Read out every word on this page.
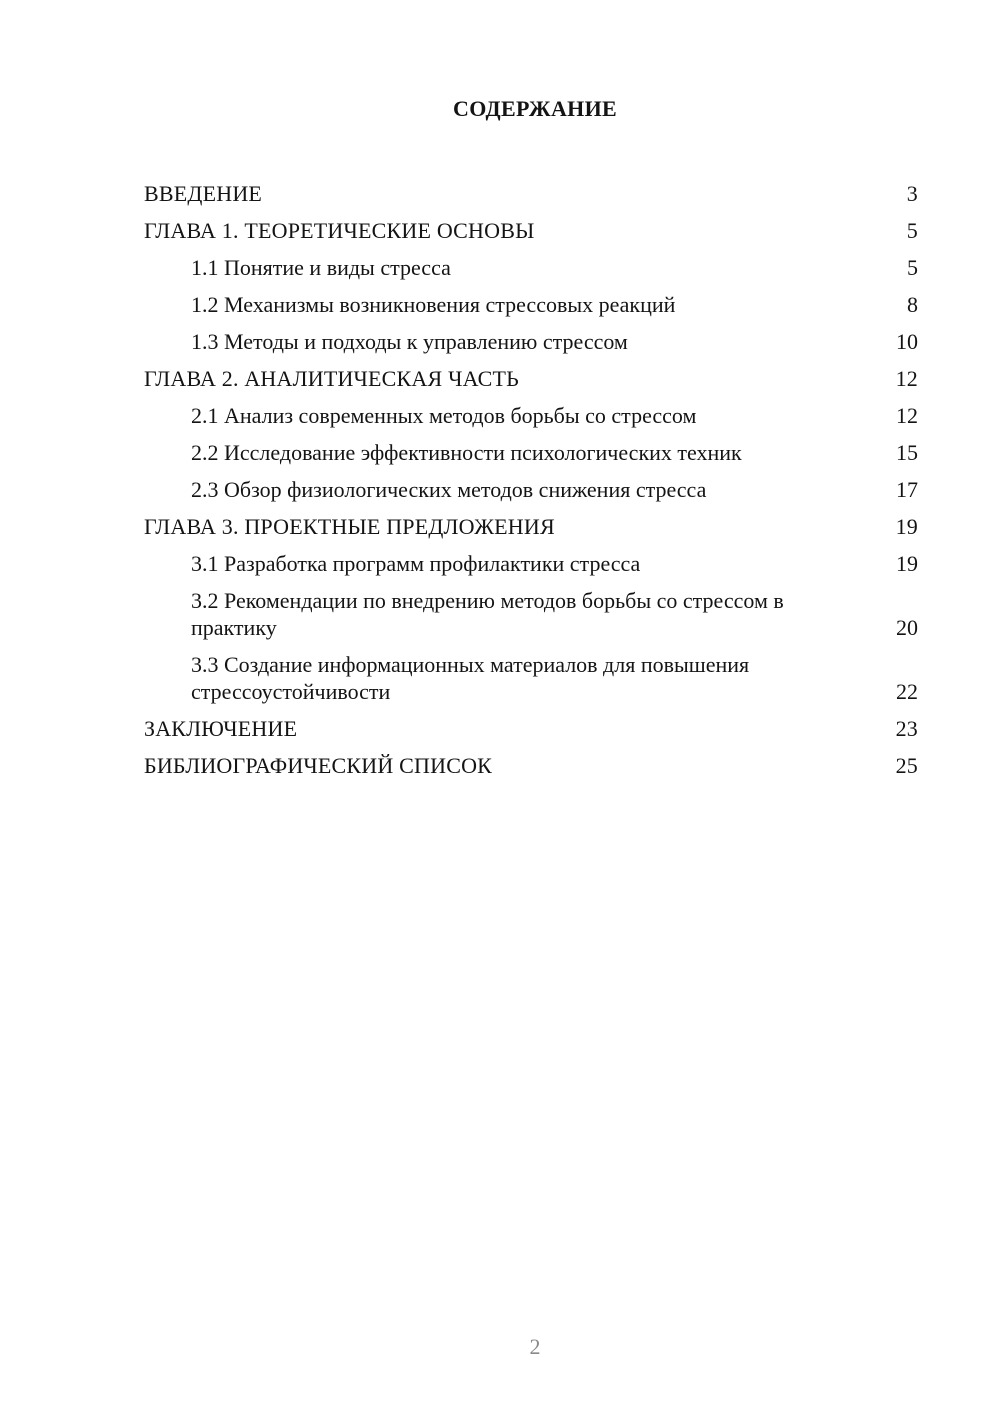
СОДЕРЖАНИЕ
ВВЕДЕНИЕ	3
ГЛАВА 1. ТЕОРЕТИЧЕСКИЕ ОСНОВЫ	5
1.1 Понятие и виды стресса	5
1.2 Механизмы возникновения стрессовых реакций	8
1.3 Методы и подходы к управлению стрессом	10
ГЛАВА 2. АНАЛИТИЧЕСКАЯ ЧАСТЬ	12
2.1 Анализ современных методов борьбы со стрессом	12
2.2 Исследование эффективности психологических техник	15
2.3 Обзор физиологических методов снижения стресса	17
ГЛАВА 3. ПРОЕКТНЫЕ ПРЕДЛОЖЕНИЯ	19
3.1 Разработка программ профилактики стресса	19
3.2 Рекомендации по внедрению методов борьбы со стрессом в практику	20
3.3 Создание информационных материалов для повышения стрессоустойчивости	22
ЗАКЛЮЧЕНИЕ	23
БИБЛИОГРАФИЧЕСКИЙ СПИСОК	25
2
